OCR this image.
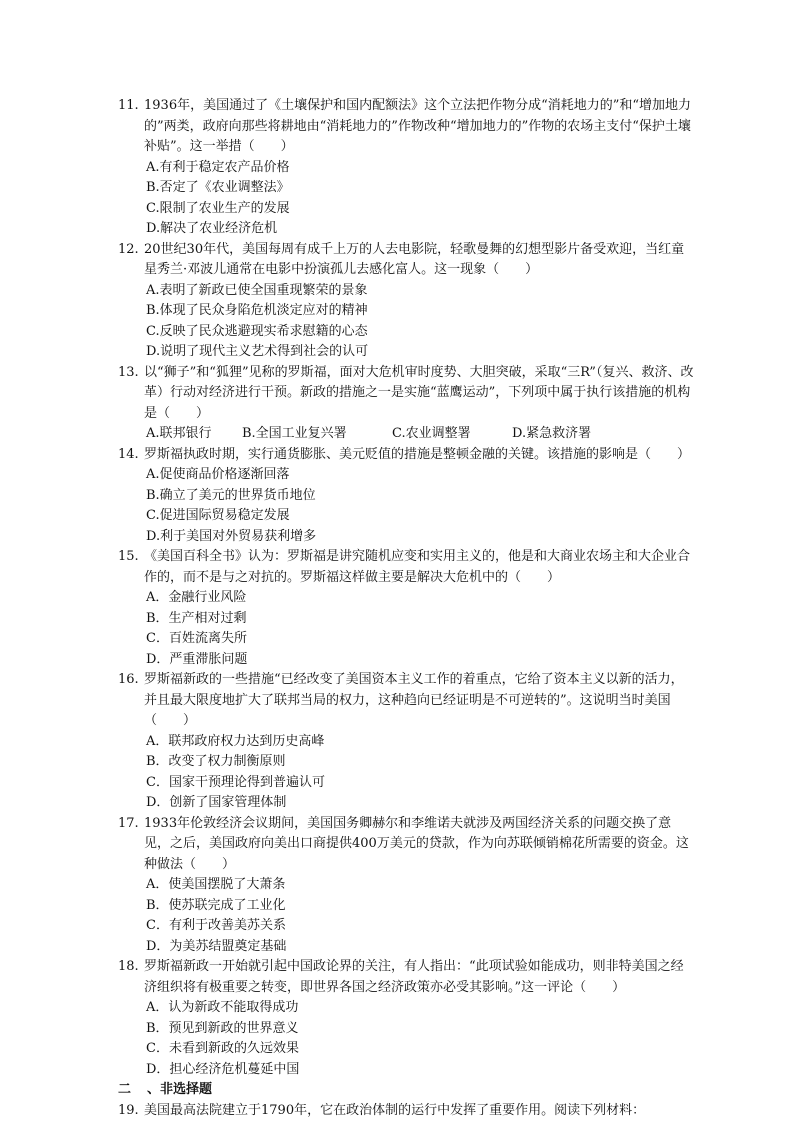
11. 1936年，美国通过了《土壤保护和国内配额法》这个立法把作物分成“消耗地力的”和“增加地力的”两类，政府向那些将耕地由“消耗地力的”作物改种“增加地力的”作物的农场主支付“保护土壤补贴”。这一举措（　　）

A.有利于稳定农产品价格

B.否定了《农业调整法》

C.限制了农业生产的发展

D.解决了农业经济危机

12. 20世纪30年代，美国每周有成千上万的人去电影院，轻歌曼舞的幻想型影片备受欢迎，当红童星秀兰·邓波儿通常在电影中扮演孤儿去感化富人。这一现象（　　）

A.表明了新政已使全国重现繁荣的景象

B.体现了民众身陷危机淡定应对的精神

C.反映了民众逃避现实希求慰籍的心态

D.说明了现代主义艺术得到社会的认可

13. 以“狮子”和“狐狸”见称的罗斯福，面对大危机审时度势、大胆突破，采取“三R”（复兴、救济、改革）行动对经济进行干预。新政的措施之一是实施“蓝鹰运动”，下列项中属于执行该措施的机构是（　　）

A.联邦银行	B.全国工业复兴署	C.农业调整署	D.紧急救济署

14. 罗斯福执政时期，实行通货膨胀、美元贬值的措施是整顿金融的关键。该措施的影响是（　　）

A.促使商品价格逐渐回落

B.确立了美元的世界货币地位

C.促进国际贸易稳定发展

D.利于美国对外贸易获利增多

15. 《美国百科全书》认为：罗斯福是讲究随机应变和实用主义的，他是和大商业农场主和大企业合作的，而不是与之对抗的。罗斯福这样做主要是解决大危机中的（　　）

A．金融行业风险

B．生产相对过剩

C．百姓流离失所

D．严重滞胀问题

16. 罗斯福新政的一些措施“已经改变了美国资本主义工作的着重点，它给了资本主义以新的活力，并且最大限度地扩大了联邦当局的权力，这种趋向已经证明是不可逆转的”。这说明当时美国（　　）

A．联邦政府权力达到历史高峰

B．改变了权力制衡原则

C．国家干预理论得到普遍认可

D．创新了国家管理体制

17. 1933年伦敦经济会议期间，美国国务卿赫尔和李维诺夫就涉及两国经济关系的问题交换了意见，之后，美国政府向美出口商提供400万美元的贷款，作为向苏联倾销棉花所需要的资金。这种做法（　　）

A．使美国摆脱了大萧条

B．使苏联完成了工业化

C．有利于改善美苏关系

D．为美苏结盟奠定基础

18. 罗斯福新政一开始就引起中国政论界的关注，有人指出：“此项试验如能成功，则非特美国之经济组织将有极重要之转变，即世界各国之经济政策亦必受其影响。”这一评论（　　）

A．认为新政不能取得成功

B．预见到新政的世界意义

C．未看到新政的久远效果

D．担心经济危机蔓延中国

二 、非选择题

19. 美国最高法院建立于1790年，它在政治体制的运行中发挥了重要作用。阅读下列材料：
